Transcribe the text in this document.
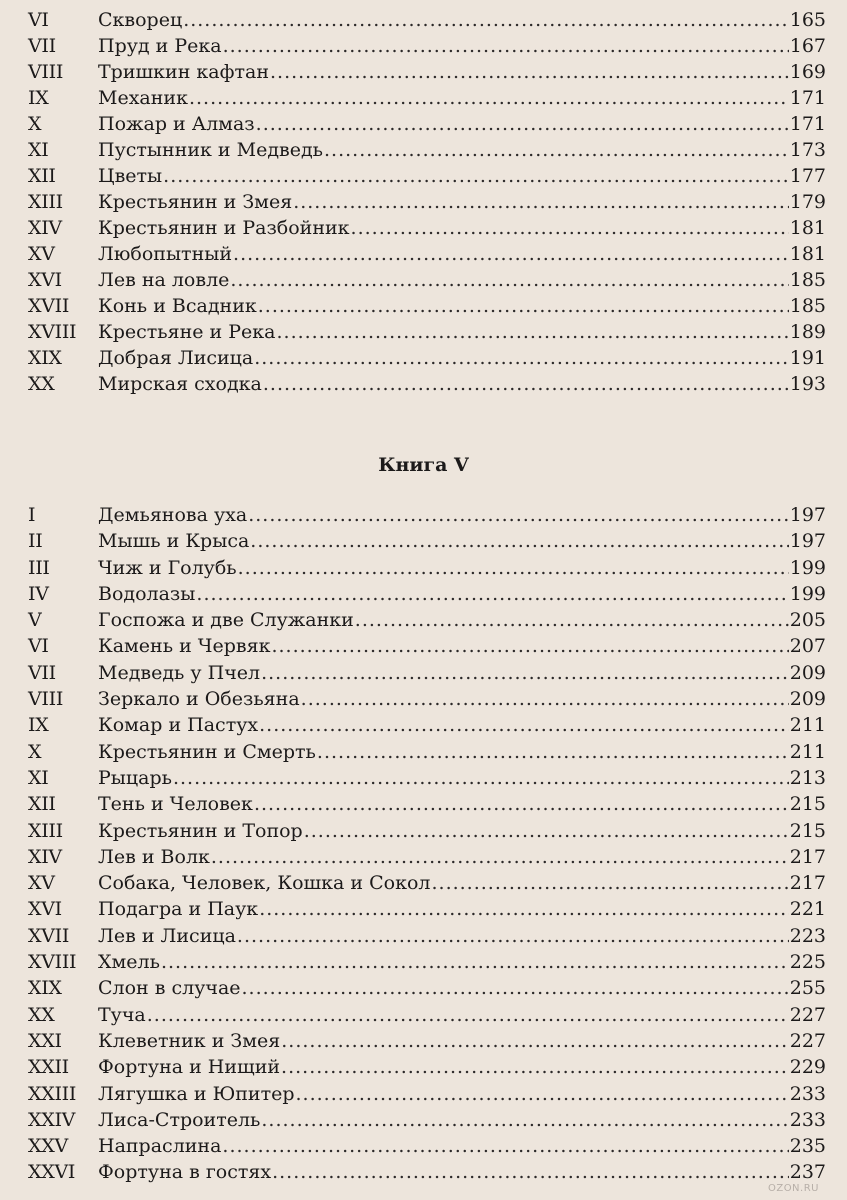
VI	Скворец .....	165
VII	Пруд и Река .....	167
VIII	Тришкин кафтан .....	169
IX	Механик .....	171
X	Пожар и Алмаз .....	171
XI	Пустынник и Медведь .....	173
XII	Цветы .....	177
XIII	Крестьянин и Змея .....	179
XIV	Крестьянин и Разбойник .....	181
XV	Любопытный .....	181
XVI	Лев на ловле .....	185
XVII	Конь и Всадник .....	185
XVIII	Крестьяне и Река .....	189
XIX	Добрая Лисица .....	191
XX	Мирская сходка .....	193
Книга V
I	Демьянова уха .....	197
II	Мышь и Крыса .....	197
III	Чиж и Голубь .....	199
IV	Водолазы .....	199
V	Госпожа и две Служанки .....	205
VI	Камень и Червяк .....	207
VII	Медведь у Пчел .....	209
VIII	Зеркало и Обезьяна .....	209
IX	Комар и Пастух .....	211
X	Крестьянин и Смерть .....	211
XI	Рыцарь .....	213
XII	Тень и Человек .....	215
XIII	Крестьянин и Топор .....	215
XIV	Лев и Волк .....	217
XV	Собака, Человек, Кошка и Сокол .....	217
XVI	Подагра и Паук .....	221
XVII	Лев и Лисица .....	223
XVIII	Хмель .....	225
XIX	Слон в случае .....	255
XX	Туча .....	227
XXI	Клеветник и Змея .....	227
XXII	Фортуна и Нищий .....	229
XXIII	Лягушка и Юпитер .....	233
XXIV	Лиса-Строитель .....	233
XXV	Напраслина .....	235
XXVI	Фортуна в гостях .....	237
OZON.RU
